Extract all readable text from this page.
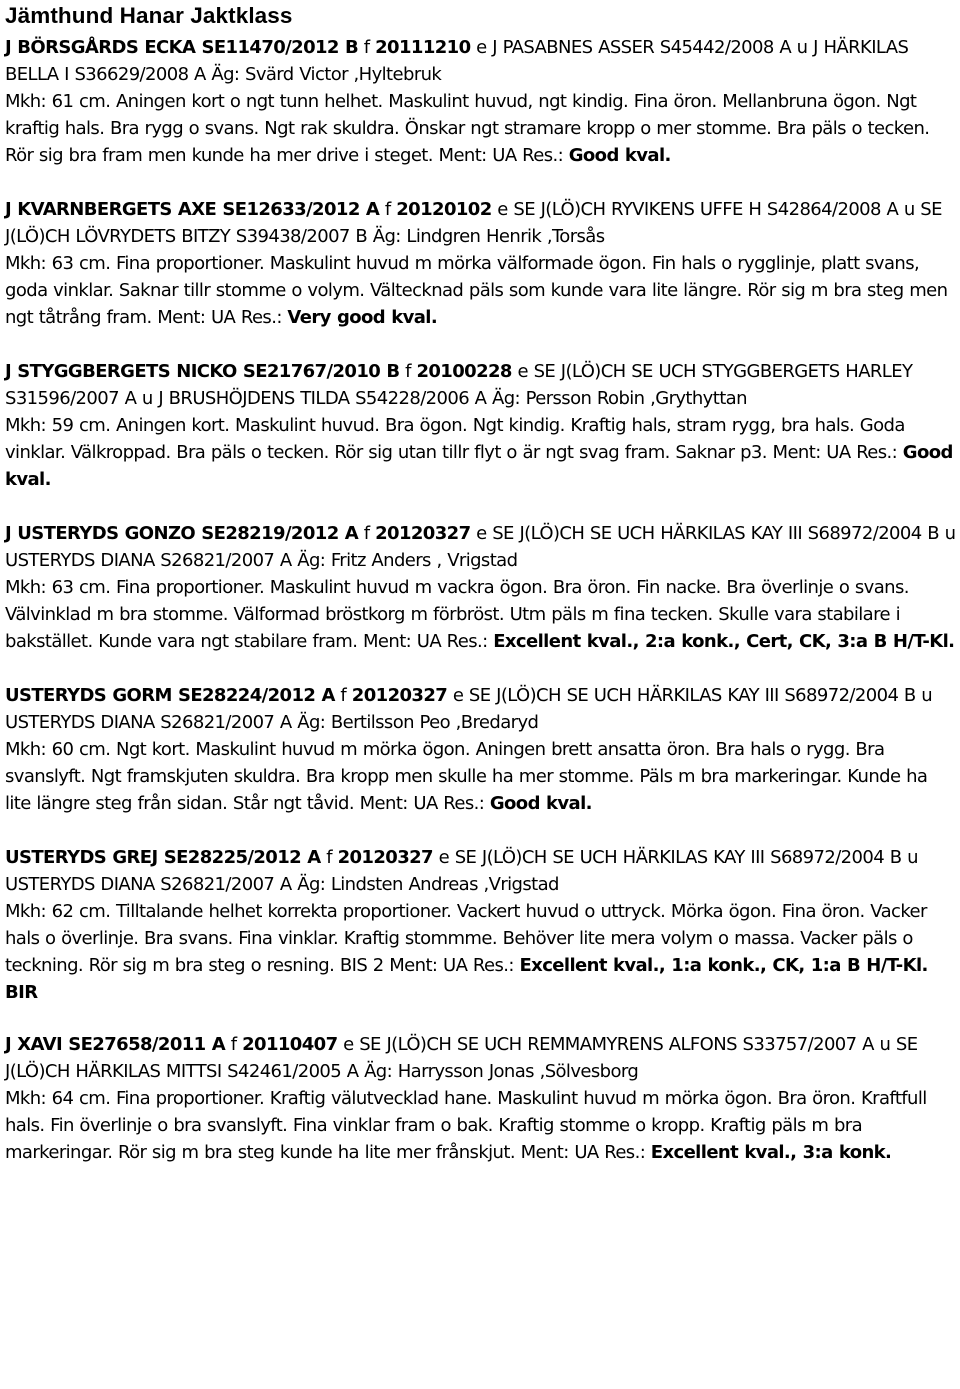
Jämthund Hanar Jaktklass

J BÖRSGÅRDS ECKA SE11470/2012 B f 20111210 e J PASABNES ASSER S45442/2008 A u J HÄRKILAS BELLA I S36629/2008 A Äg: Svärd Victor ,Hyltebruk

Mkh: 61 cm. Aningen kort o ngt tunn helhet. Maskulint huvud, ngt kindig. Fina öron. Mellanbruna ögon. Ngt kraftig hals. Bra rygg o svans. Ngt rak skuldra. Önskar ngt stramare kropp o mer stomme. Bra päls o tecken. Rör sig bra fram men kunde ha mer drive i steget. Ment: UA Res.: Good kval.

J KVARNBERGETS AXE SE12633/2012 A f 20120102 e SE J(LÖ)CH RYVIKENS UFFE H S42864/2008 A u SE J(LÖ)CH LÖVRYDETS BITZY S39438/2007 B Äg: Lindgren Henrik ,Torsås

Mkh: 63 cm. Fina proportioner. Maskulint huvud m mörka välformade ögon. Fin hals o rygglinje, platt svans, goda vinklar. Saknar tillr stomme o volym. Vältecknad päls som kunde vara lite längre. Rör sig m bra steg men ngt tåtrång fram. Ment: UA Res.: Very good kval.

J STYGGBERGETS NICKO SE21767/2010 B f 20100228 e SE J(LÖ)CH SE UCH STYGGBERGETS HARLEY S31596/2007 A u J BRUSHÖJDENS TILDA S54228/2006 A Äg: Persson Robin ,Grythyttan

Mkh: 59 cm. Aningen kort. Maskulint huvud. Bra ögon. Ngt kindig. Kraftig hals, stram rygg, bra hals. Goda vinklar. Välkroppad. Bra päls o tecken. Rör sig utan tillr flyt o är ngt svag fram. Saknar p3. Ment: UA Res.: Good kval.

J USTERYDS GONZO SE28219/2012 A f 20120327 e SE J(LÖ)CH SE UCH HÄRKILAS KAY III S68972/2004 B u USTERYDS DIANA S26821/2007 A Äg: Fritz Anders , Vrigstad

Mkh: 63 cm. Fina proportioner. Maskulint huvud m vackra ögon. Bra öron. Fin nacke. Bra överlinje o svans. Välvinklad m bra stomme. Välformad bröstkorg m förbröst. Utm päls m fina tecken. Skulle vara stabilare i bakstället. Kunde vara ngt stabilare fram. Ment: UA Res.: Excellent kval., 2:a konk., Cert, CK, 3:a B H/T-Kl.

USTERYDS GORM SE28224/2012 A f 20120327 e SE J(LÖ)CH SE UCH HÄRKILAS KAY III S68972/2004 B u USTERYDS DIANA S26821/2007 A Äg: Bertilsson Peo ,Bredaryd

Mkh: 60 cm. Ngt kort. Maskulint huvud m mörka ögon. Aningen brett ansatta öron. Bra hals o rygg. Bra svanslyft. Ngt framskjuten skuldra. Bra kropp men skulle ha mer stomme. Päls m bra markeringar. Kunde ha lite längre steg från sidan. Står ngt tåvid. Ment: UA Res.: Good kval.

USTERYDS GREJ SE28225/2012 A f 20120327 e SE J(LÖ)CH SE UCH HÄRKILAS KAY III S68972/2004 B u USTERYDS DIANA S26821/2007 A Äg: Lindsten Andreas ,Vrigstad

Mkh: 62 cm. Tilltalande helhet korrekta proportioner. Vackert huvud o uttryck. Mörka ögon. Fina öron. Vacker hals o överlinje. Bra svans. Fina vinklar. Kraftig stommme. Behöver lite mera volym o massa. Vacker päls o teckning. Rör sig m bra steg o resning. BIS 2 Ment: UA Res.: Excellent kval., 1:a konk., CK, 1:a B H/T-Kl. BIR

J XAVI SE27658/2011 A f 20110407 e SE J(LÖ)CH SE UCH REMMAMYRENS ALFONS S33757/2007 A u SE J(LÖ)CH HÄRKILAS MITTSI S42461/2005 A Äg: Harrysson Jonas ,Sölvesborg

Mkh: 64 cm. Fina proportioner. Kraftig välutvecklad hane. Maskulint huvud m mörka ögon. Bra öron. Kraftfull hals. Fin överlinje o bra svanslyft. Fina vinklar fram o bak. Kraftig stomme o kropp. Kraftig päls m bra markeringar. Rör sig m bra steg kunde ha lite mer frånskjut. Ment: UA Res.: Excellent kval., 3:a konk.
